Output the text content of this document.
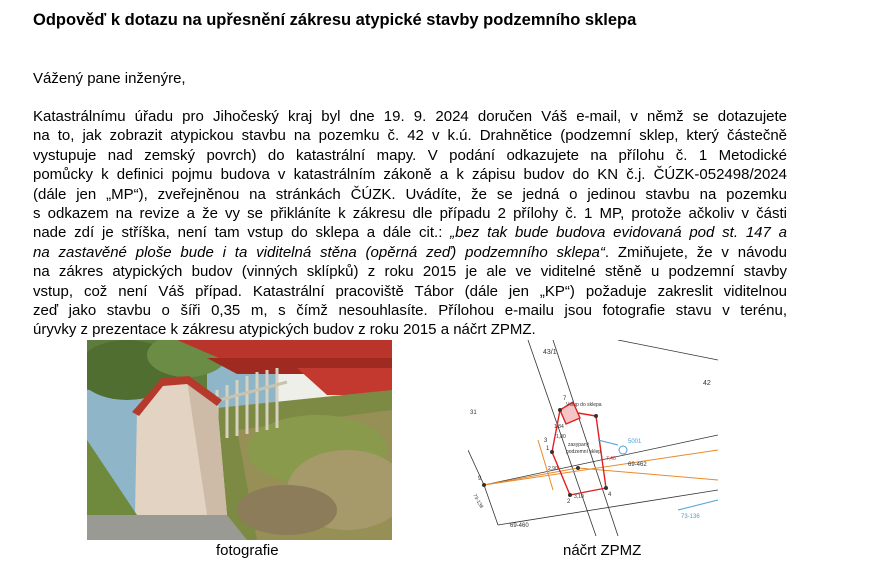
Odpověď k dotazu na upřesnění zákresu atypické stavby podzemního sklepa
Vážený pane inženýre,
Katastrálnímu úřadu pro Jihočeský kraj byl dne 19. 9. 2024 doručen Váš e-mail, v němž se dotazujete
na to, jak zobrazit atypickou stavbu na pozemku č. 42 v k.ú. Drahnětice (podzemní sklep, který částečně
vystupuje nad zemský povrch) do katastrální mapy. V podání odkazujete na přílohu č. 1 Metodické
pomůcky k definici pojmu budova v katastrálním zákoně a k zápisu budov do KN č.j. ČÚZK-052498/2024
(dále jen „MP“), zveřejněnou na stránkách ČÚZK. Uvádíte, že se jedná o jedinou stavbu na pozemku
s odkazem na revize a že vy se přikláníte k zákresu dle případu 2 přílohy č. 1 MP, protože ačkoliv v části
nade zdí je stříška, není tam vstup do sklepa a dále cit.: „bez tak bude budova evidovaná pod st. 147 a
na zastavěné ploše bude i ta viditelná stěna (opěrná zeď) podzemního sklepa“. Zmiňujete, že v návodu
na zákres atypických budov (vinných sklípků) z roku 2015 je ale ve viditelné stěně u podzemní stavby
vstup, což není Váš případ. Katastrální pracoviště Tábor (dále jen „KP“) požaduje zakreslit viditelnou
zeď jako stavbu o šíři 0,35 m, s čímž nesouhlasíte. Přílohou e-mailu jsou fotografie stavu v terénu,
úryvky z prezentace k zákresu atypických budov z roku 2015 a náčrt ZPMZ.
43/1
42
31
Vstup do sklepa
zasypaný
podzemní sklep
5001
69-462
69-460
73-136
73-138
1
2
3
4
9
7
1,84
1,80
3,10
7,40
2,90
fotografie	náčrt ZPMZ
